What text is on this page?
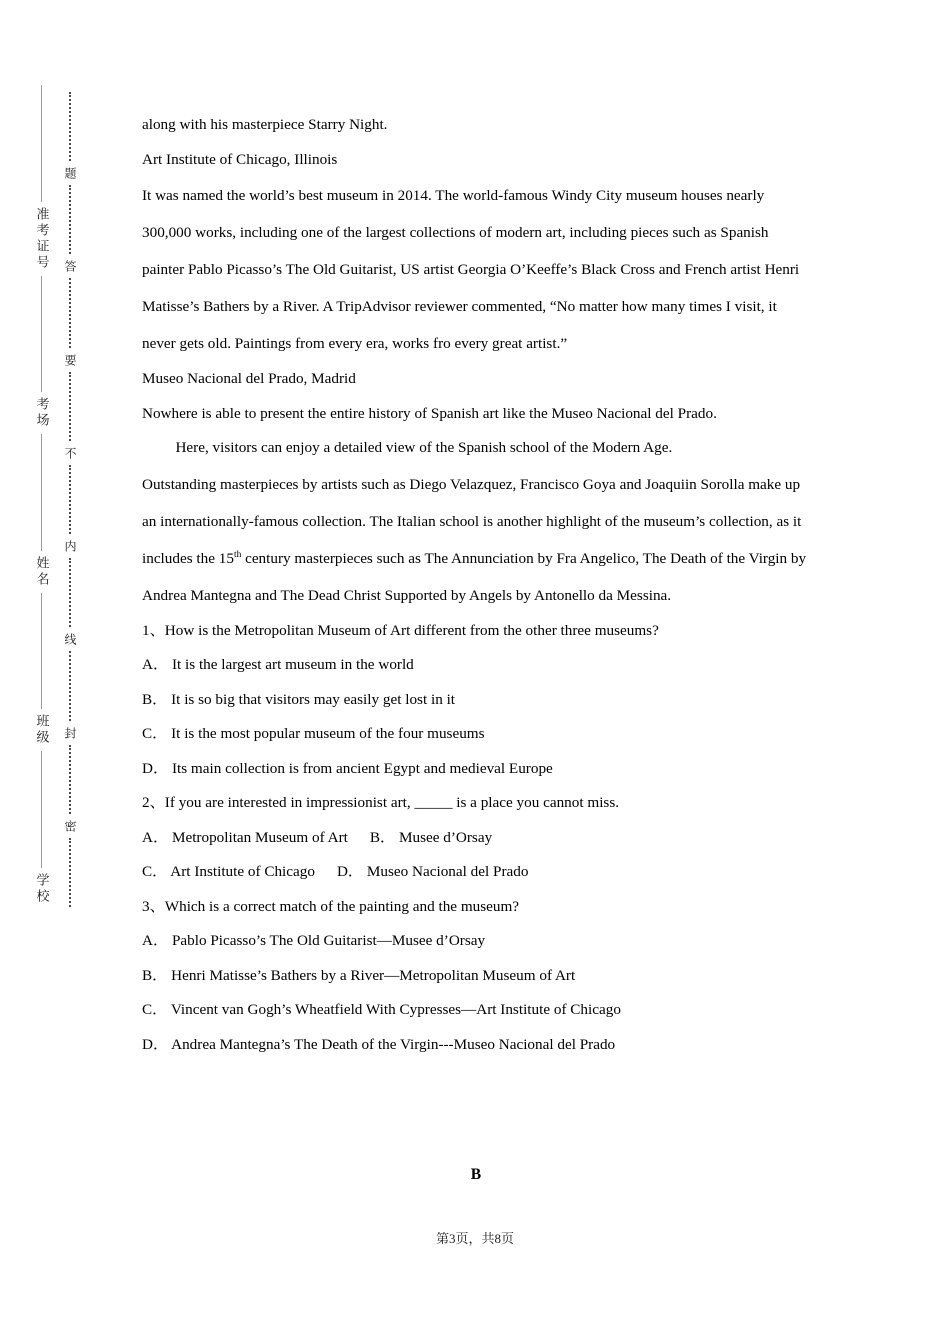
准考证号
考场
姓名
班级
学校
题
答
要
不
内
线
封
密

along with his masterpiece Starry Night.

Art Institute of Chicago, Illinois

It was named the world’s best museum in 2014. The world-famous Windy City museum houses nearly 300,000 works, including one of the largest collections of modern art, including pieces such as Spanish painter Pablo Picasso’s The Old Guitarist, US artist Georgia O’Keeffe’s Black Cross and French artist Henri Matisse’s Bathers by a River. A TripAdvisor reviewer commented, “No matter how many times I visit, it never gets old. Paintings from every era, works fro every great artist.”

Museo Nacional del Prado, Madrid

Nowhere is able to present the entire history of Spanish art like the Museo Nacional del Prado.

Here, visitors can enjoy a detailed view of the Spanish school of the Modern Age.

Outstanding masterpieces by artists such as Diego Velazquez, Francisco Goya and Joaquiin Sorolla make up an internationally-famous collection. The Italian school is another highlight of the museum’s collection, as it includes the 15th century masterpieces such as The Annunciation by Fra Angelico, The Death of the Virgin by Andrea Mantegna and The Dead Christ Supported by Angels by Antonello da Messina.

1、How is the Metropolitan Museum of Art different from the other three museums?

A． It is the largest art museum in the world

B． It is so big that visitors may easily get lost in it

C． It is the most popular museum of the four museums

D． Its main collection is from ancient Egypt and medieval Europe

2、If you are interested in impressionist art, _____ is a place you cannot miss.

A． Metropolitan Museum of Art B． Musee d’Orsay

C． Art Institute of Chicago D． Museo Nacional del Prado

3、Which is a correct match of the painting and the museum?

A． Pablo Picasso’s The Old Guitarist—Musee d’Orsay

B． Henri Matisse’s Bathers by a River—Metropolitan Museum of Art

C． Vincent van Gogh’s Wheatfield With Cypresses—Art Institute of Chicago

D． Andrea Mantegna’s The Death of the Virgin---Museo Nacional del Prado

B
第3页，共8页
